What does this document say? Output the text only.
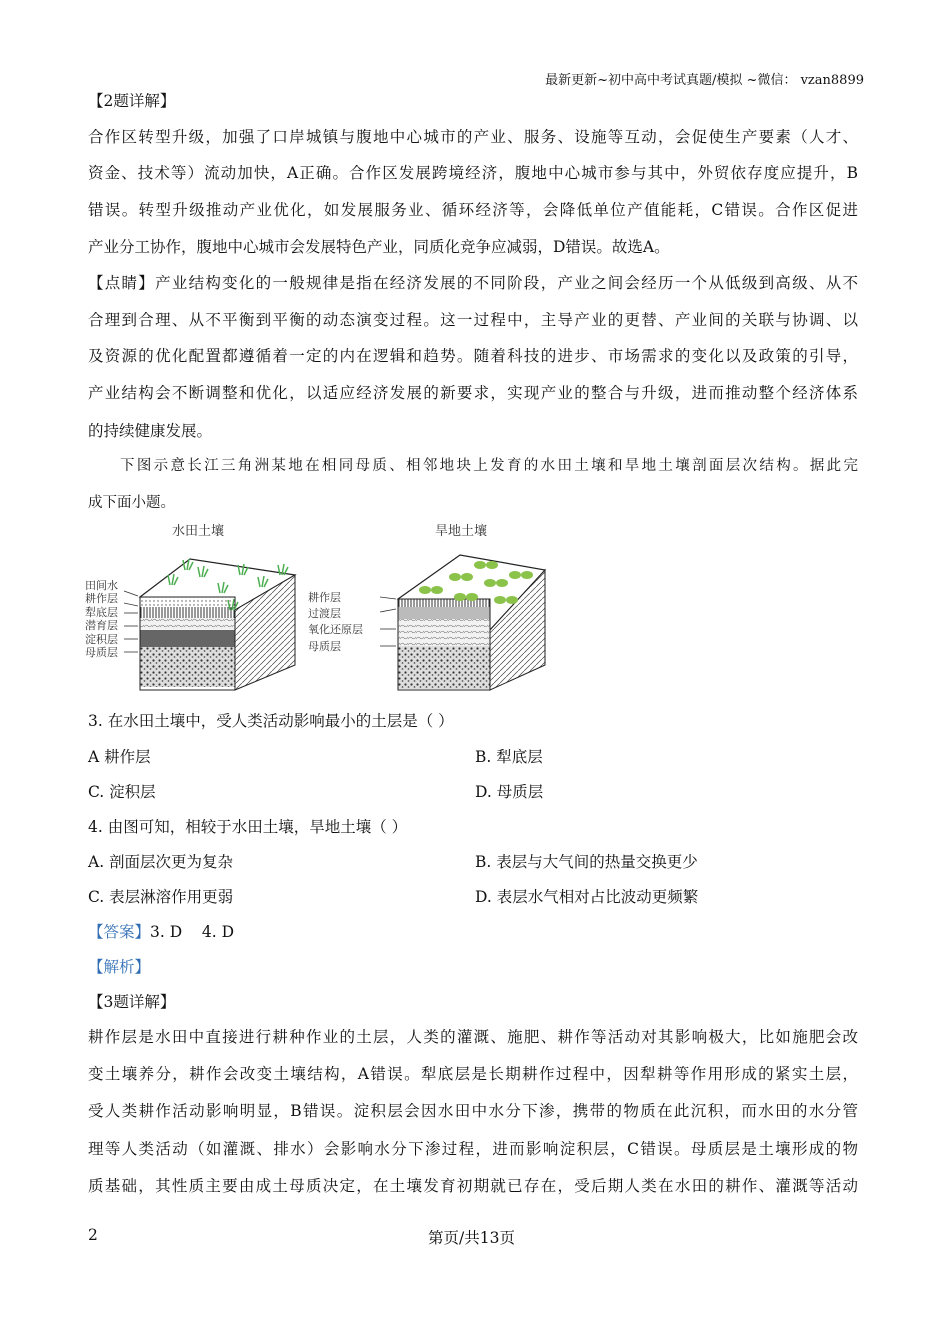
最新更新~初中高中考试真题/模拟 ~微信： vzan8899
【2题详解】
合作区转型升级，加强了口岸城镇与腹地中心城市的产业、服务、设施等互动，会促使生产要素（人才、
资金、技术等）流动加快，A正确。合作区发展跨境经济，腹地中心城市参与其中，外贸依存度应提升，B
错误。转型升级推动产业优化，如发展服务业、循环经济等，会降低单位产值能耗，C错误。合作区促进
产业分工协作，腹地中心城市会发展特色产业，同质化竞争应减弱，D错误。故选A。
【点睛】产业结构变化的一般规律是指在经济发展的不同阶段，产业之间会经历一个从低级到高级、从不
合理到合理、从不平衡到平衡的动态演变过程。这一过程中，主导产业的更替、产业间的关联与协调、以
及资源的优化配置都遵循着一定的内在逻辑和趋势。随着科技的进步、市场需求的变化以及政策的引导，
产业结构会不断调整和优化，以适应经济发展的新要求，实现产业的整合与升级，进而推动整个经济体系
的持续健康发展。
下图示意长江三角洲某地在相同母质、相邻地块上发育的水田土壤和旱地土壤剖面层次结构。据此完
成下面小题。
水田土壤
田间水
耕作层
犁底层
潜育层
淀积层
母质层
旱地土壤
耕作层
过渡层
氧化还原层
母质层
3. 在水田土壤中，受人类活动影响最小的土层是（ ）
A 耕作层	B. 犁底层
C. 淀积层	D. 母质层
4. 由图可知，相较于水田土壤，旱地土壤（ ）
A. 剖面层次更为复杂	B. 表层与大气间的热量交换更少
C. 表层淋溶作用更弱	D. 表层水气相对占比波动更频繁
【答案】3. D    4. D
【解析】
【3题详解】
耕作层是水田中直接进行耕种作业的土层，人类的灌溉、施肥、耕作等活动对其影响极大，比如施肥会改
变土壤养分，耕作会改变土壤结构，A错误。犁底层是长期耕作过程中，因犁耕等作用形成的紧实土层，
受人类耕作活动影响明显，B错误。淀积层会因水田中水分下渗，携带的物质在此沉积，而水田的水分管
理等人类活动（如灌溉、排水）会影响水分下渗过程，进而影响淀积层，C错误。母质层是土壤形成的物
质基础，其性质主要由成土母质决定，在土壤发育初期就已存在，受后期人类在水田的耕作、灌溉等活动
2	第页/共13页
